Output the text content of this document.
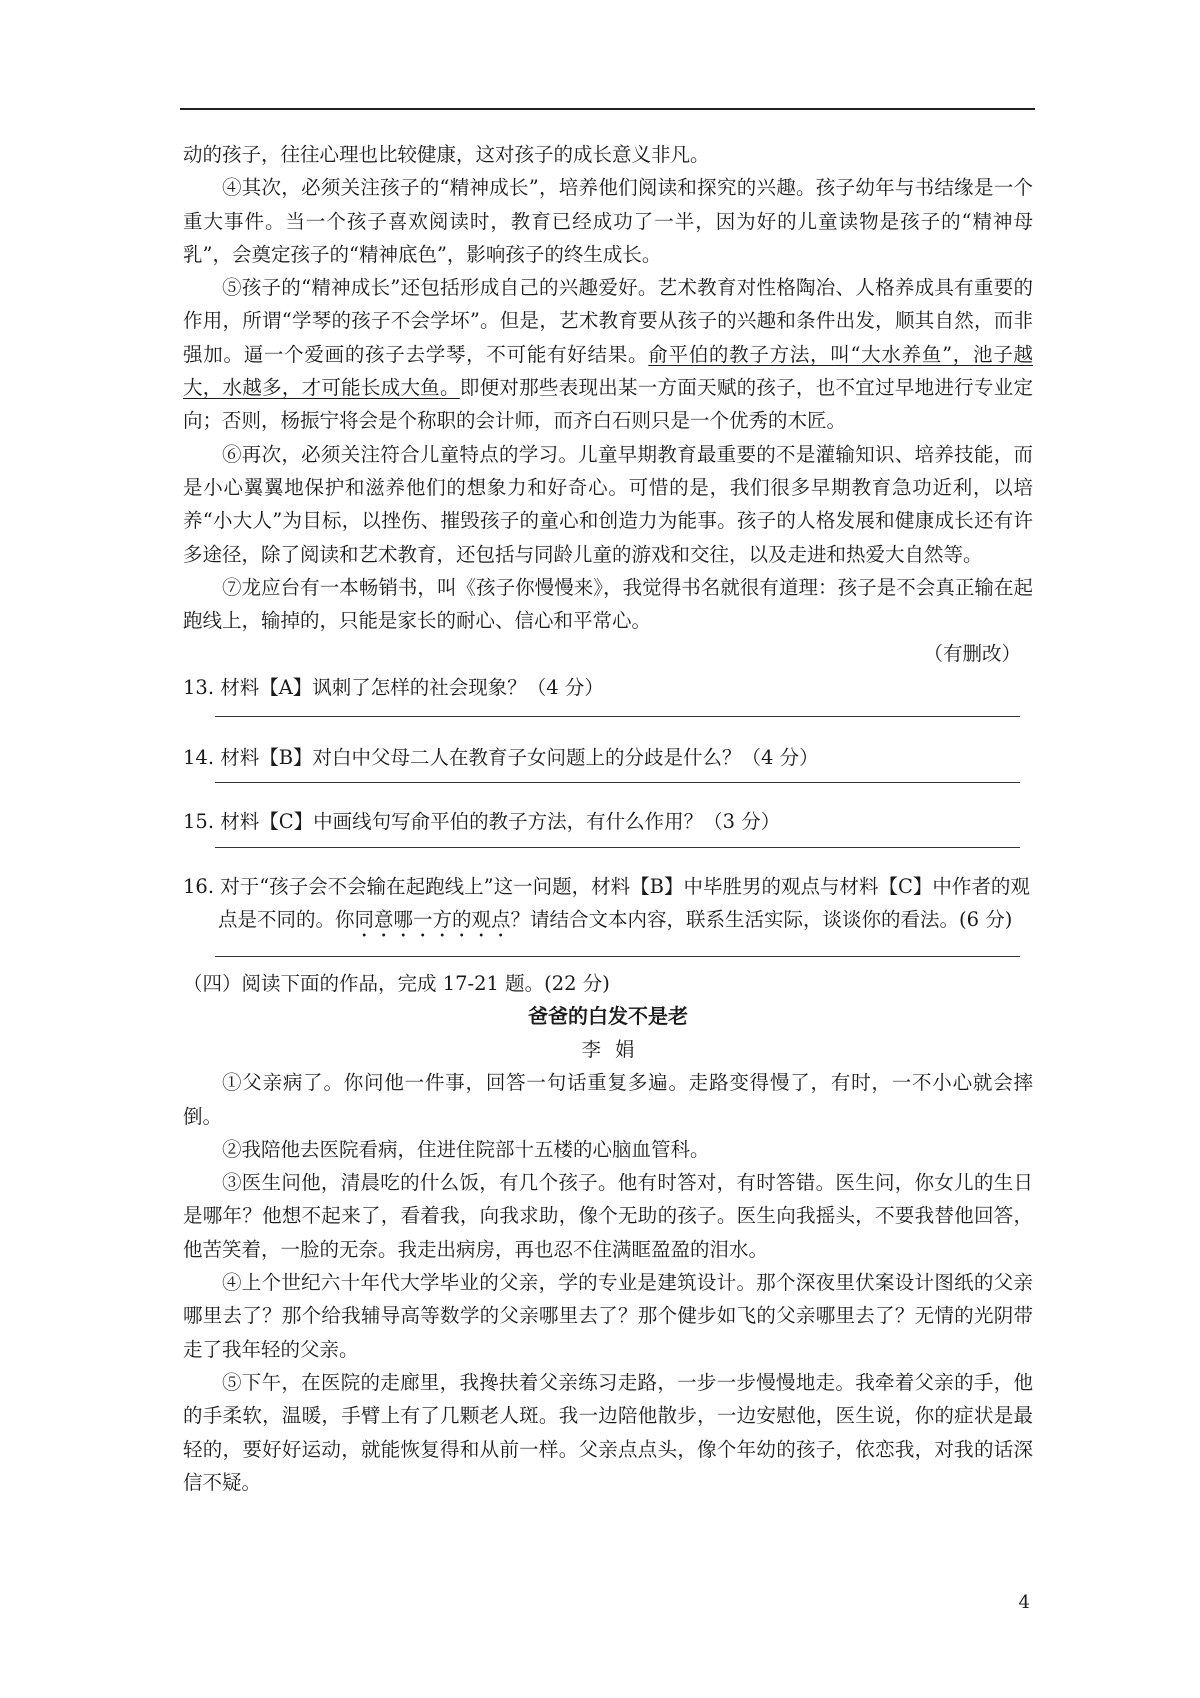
动的孩子，往往心理也比较健康，这对孩子的成长意义非凡。

④其次，必须关注孩子的“精神成长”，培养他们阅读和探究的兴趣。孩子幼年与书结缘是一个重大事件。当一个孩子喜欢阅读时，教育已经成功了一半，因为好的儿童读物是孩子的“精神母乳”，会奠定孩子的“精神底色”，影响孩子的终生成长。

⑤孩子的“精神成长”还包括形成自己的兴趣爱好。艺术教育对性格陶冶、人格养成具有重要的作用，所谓“学琴的孩子不会学坏”。但是，艺术教育要从孩子的兴趣和条件出发，顺其自然，而非强加。逼一个爱画的孩子去学琴，不可能有好结果。俞平伯的教子方法，叫“大水养鱼”，池子越大，水越多，才可能长成大鱼。即便对那些表现出某一方面天赋的孩子，也不宜过早地进行专业定向；否则，杨振宁将会是个称职的会计师，而齐白石则只是一个优秀的木匠。

⑥再次，必须关注符合儿童特点的学习。儿童早期教育最重要的不是灌输知识、培养技能，而是小心翼翼地保护和滋养他们的想象力和好奇心。可惜的是，我们很多早期教育急功近利，以培养“小大人”为目标，以挫伤、摧毁孩子的童心和创造力为能事。孩子的人格发展和健康成长还有许多途径，除了阅读和艺术教育，还包括与同龄儿童的游戏和交往，以及走进和热爱大自然等。

⑦龙应台有一本畅销书，叫《孩子你慢慢来》，我觉得书名就很有道理：孩子是不会真正输在起跑线上，输掉的，只能是家长的耐心、信心和平常心。

（有删改）

13. 材料【A】讽刺了怎样的社会现象？（4 分）

14. 材料【B】对白中父母二人在教育子女问题上的分歧是什么？（4 分）

15. 材料【C】中画线句写俞平伯的教子方法，有什么作用？（3 分）

16. 对于“孩子会不会输在起跑线上”这一问题，材料【B】中毕胜男的观点与材料【C】中作者的观点是不同的。你同意哪一方的观点？请结合文本内容，联系生活实际，谈谈你的看法。(6 分)

（四）阅读下面的作品，完成 17-21 题。(22 分)

爸爸的白发不是老

李娟

①父亲病了。你问他一件事，回答一句话重复多遍。走路变得慢了，有时，一不小心就会摔倒。

②我陪他去医院看病，住进住院部十五楼的心脑血管科。

③医生问他，清晨吃的什么饭，有几个孩子。他有时答对，有时答错。医生问，你女儿的生日是哪年？他想不起来了，看着我，向我求助，像个无助的孩子。医生向我摇头，不要我替他回答，他苦笑着，一脸的无奈。我走出病房，再也忍不住满眶盈盈的泪水。

④上个世纪六十年代大学毕业的父亲，学的专业是建筑设计。那个深夜里伏案设计图纸的父亲哪里去了？那个给我辅导高等数学的父亲哪里去了？那个健步如飞的父亲哪里去了？无情的光阴带走了我年轻的父亲。

⑤下午，在医院的走廊里，我搀扶着父亲练习走路，一步一步慢慢地走。我牵着父亲的手，他的手柔软，温暖，手臂上有了几颗老人斑。我一边陪他散步，一边安慰他，医生说，你的症状是最轻的，要好好运动，就能恢复得和从前一样。父亲点点头，像个年幼的孩子，依恋我，对我的话深信不疑。

4
